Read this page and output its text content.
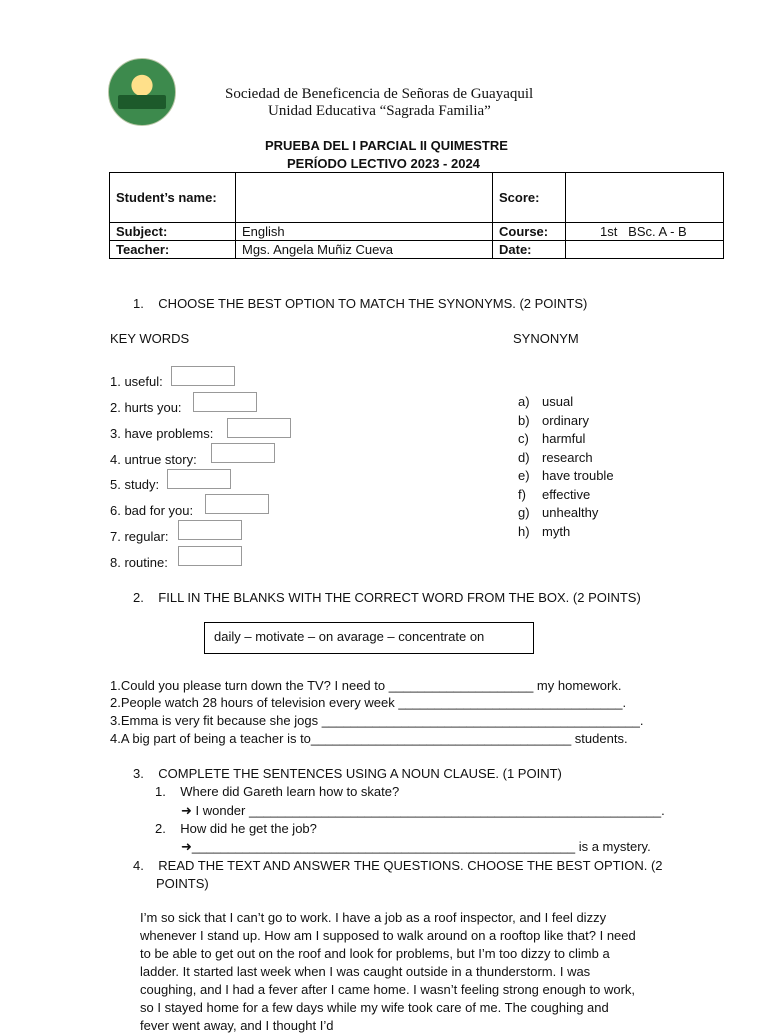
Sociedad de Beneficencia de Señoras de Guayaquil
Unidad Educativa “Sagrada Familia”
PRUEBA DEL I PARCIAL II QUIMESTRE
PERÍODO LECTIVO 2023 - 2024
Student’s name:		Score:	
Subject:	English	Course:	1st   BSc. A - B
Teacher:	Mgs. Angela Muñiz Cueva	Date:	
1.    CHOOSE THE BEST OPTION TO MATCH THE SYNONYMS. (2 POINTS)
KEY WORDS	SYNONYM
1. useful:
2. hurts you:
3. have problems:
4. untrue story:
5. study:
6. bad for you:
7. regular:
8. routine:
a) usual
b) ordinary
c) harmful
d) research
e) have trouble
f) effective
g) unhealthy
h) myth
2.    FILL IN THE BLANKS WITH THE CORRECT WORD FROM THE BOX. (2 POINTS)
daily – motivate – on avarage – concentrate on
1.Could you please turn down the TV? I need to ____________________ my homework.
2.People watch 28 hours of television every week _______________________________.
3.Emma is very fit because she jogs ____________________________________________.
4.A big part of being a teacher is to____________________________________ students.
3.    COMPLETE THE SENTENCES USING A NOUN CLAUSE. (1 POINT)
1.    Where did Gareth learn how to skate?
➜ I wonder _________________________________________________________.
2.    How did he get the job?
➜_____________________________________________________ is a mystery.
4.    READ THE TEXT AND ANSWER THE QUESTIONS. CHOOSE THE BEST OPTION. (2
POINTS)
I’m so sick that I can’t go to work. I have a job as a roof inspector, and I feel dizzy whenever I stand up. How am I supposed to walk around on a rooftop like that? I need to be able to get out on the roof and look for problems, but I’m too dizzy to climb a ladder. It started last week when I was caught outside in a thunderstorm. I was coughing, and I had a fever after I came home. I wasn’t feeling strong enough to work, so I stayed home for a few days while my wife took care of me. The coughing and fever went away, and I thought I’d
